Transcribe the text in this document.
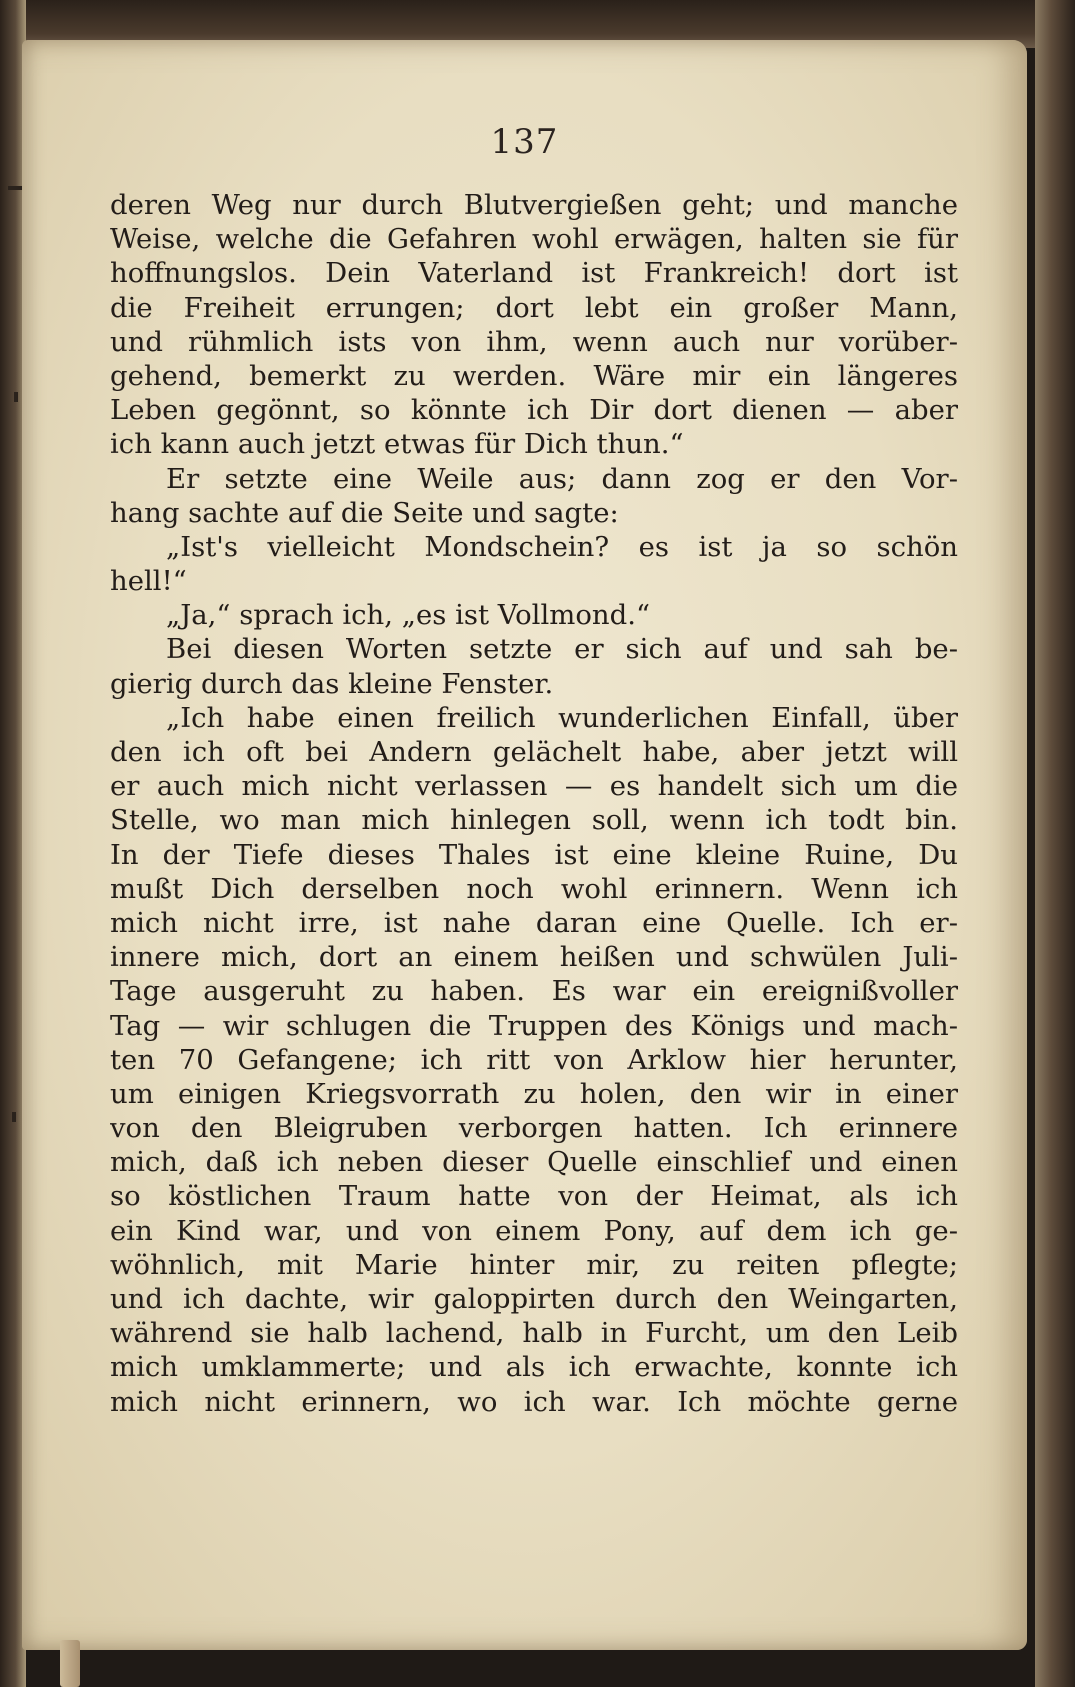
137
deren Weg nur durch Blutvergießen geht; und manche
Weise, welche die Gefahren wohl erwägen, halten sie für
hoffnungslos. Dein Vaterland ist Frankreich! dort ist
die Freiheit errungen; dort lebt ein großer Mann,
und rühmlich ists von ihm, wenn auch nur vorüber-
gehend, bemerkt zu werden. Wäre mir ein längeres
Leben gegönnt, so könnte ich Dir dort dienen — aber
ich kann auch jetzt etwas für Dich thun.“
Er setzte eine Weile aus; dann zog er den Vor-
hang sachte auf die Seite und sagte:
„Ist's vielleicht Mondschein? es ist ja so schön
hell!“
„Ja,“ sprach ich, „es ist Vollmond.“
Bei diesen Worten setzte er sich auf und sah be-
gierig durch das kleine Fenster.
„Ich habe einen freilich wunderlichen Einfall, über
den ich oft bei Andern gelächelt habe, aber jetzt will
er auch mich nicht verlassen — es handelt sich um die
Stelle, wo man mich hinlegen soll, wenn ich todt bin.
In der Tiefe dieses Thales ist eine kleine Ruine, Du
mußt Dich derselben noch wohl erinnern. Wenn ich
mich nicht irre, ist nahe daran eine Quelle. Ich er-
innere mich, dort an einem heißen und schwülen Juli-
Tage ausgeruht zu haben. Es war ein ereignißvoller
Tag — wir schlugen die Truppen des Königs und mach-
ten 70 Gefangene; ich ritt von Arklow hier herunter,
um einigen Kriegsvorrath zu holen, den wir in einer
von den Bleigruben verborgen hatten. Ich erinnere
mich, daß ich neben dieser Quelle einschlief und einen
so köstlichen Traum hatte von der Heimat, als ich
ein Kind war, und von einem Pony, auf dem ich ge-
wöhnlich, mit Marie hinter mir, zu reiten pflegte;
und ich dachte, wir galoppirten durch den Weingarten,
während sie halb lachend, halb in Furcht, um den Leib
mich umklammerte; und als ich erwachte, konnte ich
mich nicht erinnern, wo ich war. Ich möchte gerne
